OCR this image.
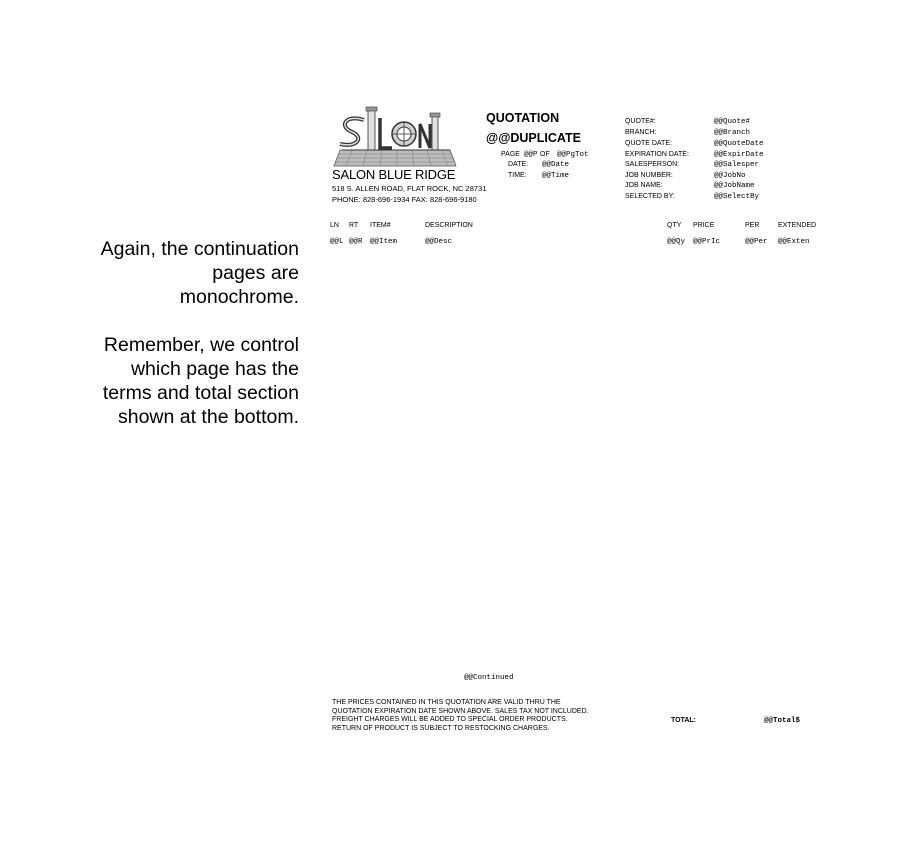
Again, the continuation
pages are
monochrome.
Remember, we control
which page has the
terms and total section
shown at the bottom.
SALON BLUE RIDGE
518 S. ALLEN ROAD, FLAT ROCK, NC 28731
PHONE: 828-696-1934 FAX: 828-696-9180
QUOTATION
@@DUPLICATE
PAGE @@P OF @@PgTot
DATE: @@Date
TIME: @@Time
QUOTE#:	@@Quote#
BRANCH:	@@Branch
QUOTE DATE:	@@QuoteDate
EXPIRATION DATE:	@@ExpirDate
SALESPERSON:	@@Salesper
JOB NUMBER:	@@JobNo
JOB NAME:	@@JobName
SELECTED BY:	@@SelectBy
LN RT ITEM#	DESCRIPTION	QTY PRICE	PER	EXTENDED
@@L @@R @@Item	@@Desc	@@Qy @@PrIc	@@Per @@Exten
@@Continued
THE PRICES CONTAINED IN THIS QUOTATION ARE VALID THRU THE
QUOTATION EXPIRATION DATE SHOWN ABOVE. SALES TAX NOT INCLUDED.
FREIGHT CHARGES WILL BE ADDED TO SPECIAL ORDER PRODUCTS.
RETURN OF PRODUCT IS SUBJECT TO RESTOCKING CHARGES.
TOTAL:	@@Total$
